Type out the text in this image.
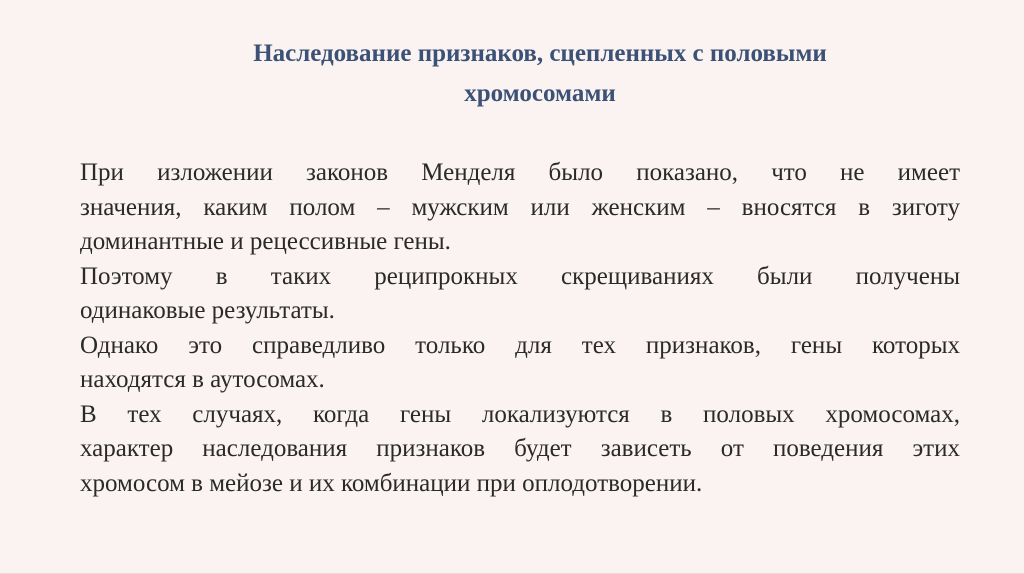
Наследование признаков, сцепленных с половыми
хромосомами

При изложении законов Менделя было показано, что не имеет
значения, каким полом – мужским или женским – вносятся в зиготу
доминантные и рецессивные гены.

Поэтому в таких реципрокных скрещиваниях были получены
одинаковые результаты.

Однако это справедливо только для тех признаков, гены которых
находятся в аутосомах.

В тех случаях, когда гены локализуются в половых хромосомах,
характер наследования признаков будет зависеть от поведения этих
хромосом в мейозе и их комбинации при оплодотворении.
